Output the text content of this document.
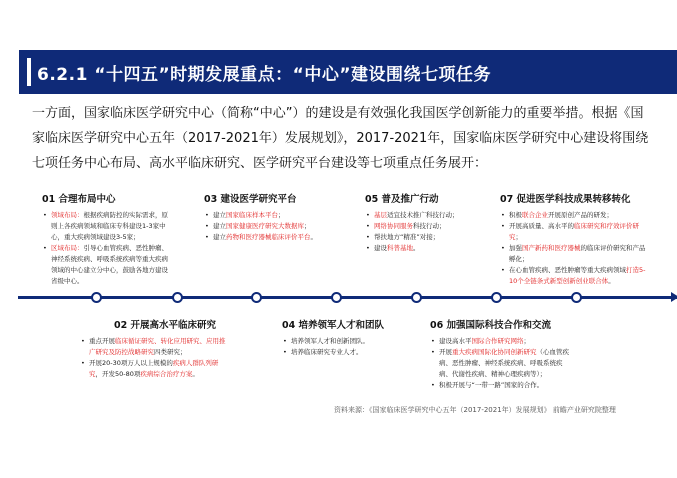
6.2.1 “十四五”时期发展重点：“中心”建设围绕七项任务
一方面，国家临床医学研究中心（简称“中心”）的建设是有效强化我国医学创新能力的重要举措。根据《国家临床医学研究中心五年（2017-2021年）发展规划》，2017-2021年，国家临床医学研究中心建设将围绕七项任务中心布局、高水平临床研究、医学研究平台建设等七项重点任务展开：
01 合理布局中心
• 领域布局：根据疾病防控的实际需求，原则上各疾病领域和临床专科建设1-3家中心，重大疾病领域建设3-5家；
• 区域布局：引导心血管疾病、恶性肿瘤、神经系统疾病、呼吸系统疾病等重大疾病领域的中心建立分中心，鼓励各地方建设省级中心。
03 建设医学研究平台
• 建立国家临床样本平台；
• 建立国家健康医疗研究大数据库；
• 建立药物和医疗器械临床评价平台。
05 普及推广行动
• 基层适宜技术推广科技行动；
• 网络协同服务科技行动；
• 帮扶地方“精准”对接；
• 建设科普基地。
07 促进医学科技成果转移转化
• 积极联合企业开展原创产品的研发；
• 开展高质量、高水平的临床研究和疗效评价研究；
• 加强国产新药和医疗器械的临床评价研究和产品孵化；
• 在心血管疾病、恶性肿瘤等重大疾病领域打造5-10个全链条式新型创新创业联合体。
02 开展高水平临床研究
• 重点开展临床循证研究、转化应用研究、应用推广研究及防控战略研究四类研究；
• 开展20-30项万人以上规模的疾病人群队列研究，开发50-80项疾病综合治疗方案。
04 培养领军人才和团队
• 培养领军人才和创新团队。
• 培养临床研究专业人才。
06 加强国际科技合作和交流
• 建设高水平国际合作研究网络；
• 开展重大疾病国际化协同创新研究（心血管疾病、恶性肿瘤、神经系统疾病、呼吸系统疾病、代谢性疾病、精神心理疾病等）；
• 积极开展与“一带一路”国家的合作。
资料来源：《国家临床医学研究中心五年（2017-2021年）发展规划》 前瞻产业研究院整理
